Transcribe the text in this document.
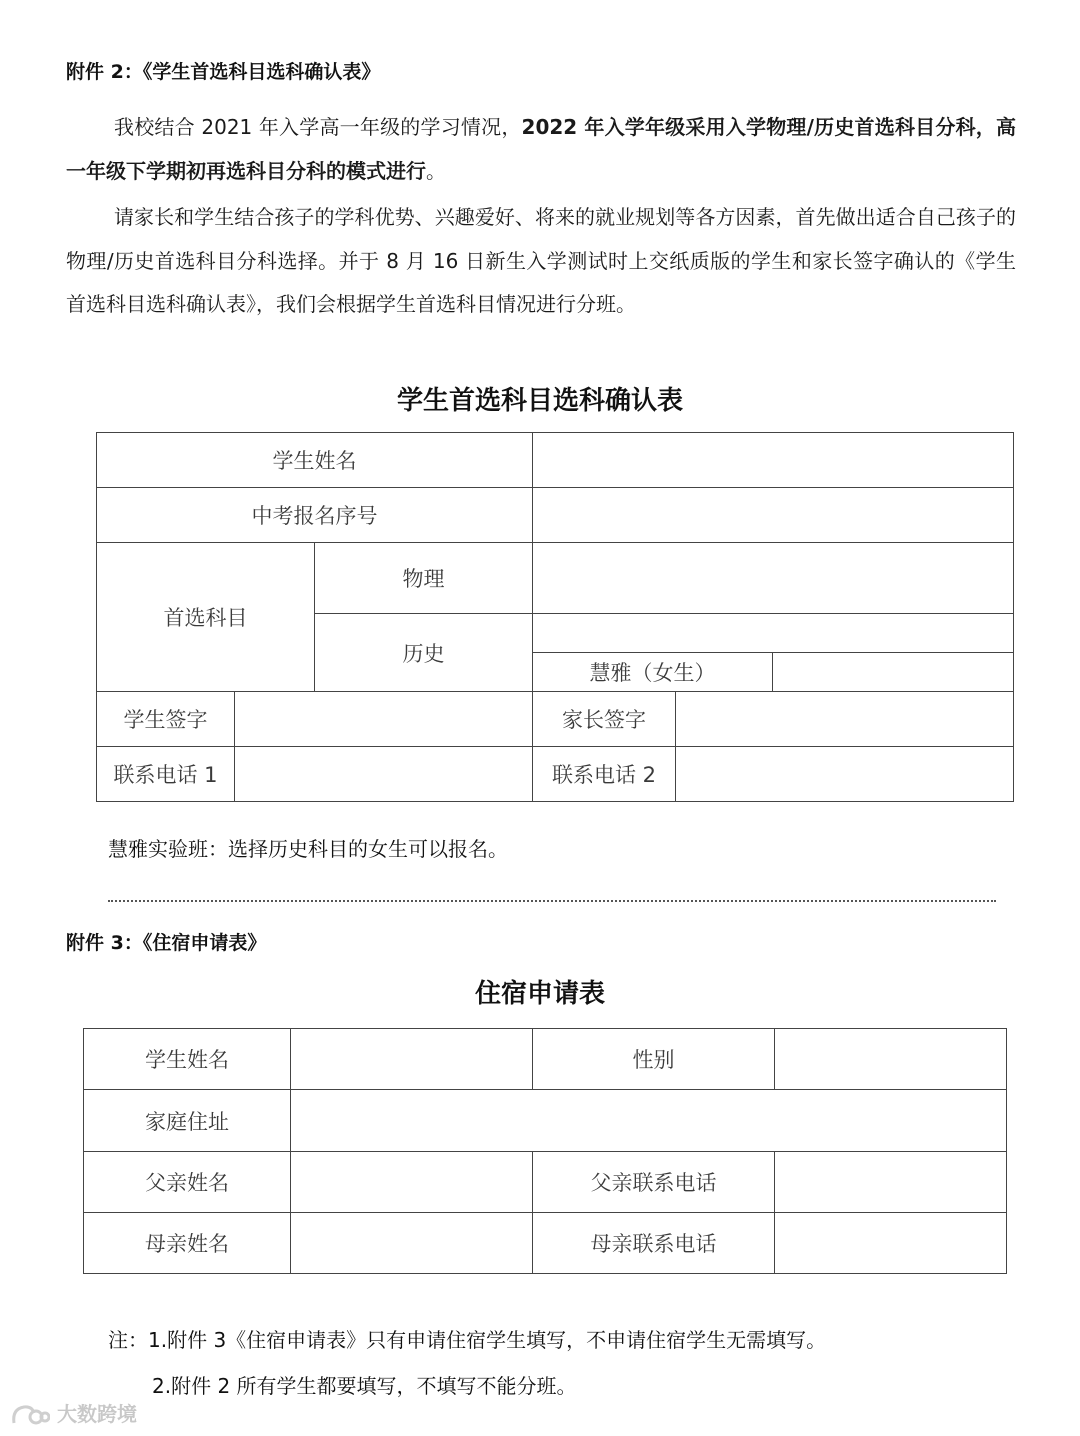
附件 2：《学生首选科目选科确认表》
我校结合 2021 年入学高一年级的学习情况，2022 年入学年级采用入学物理/历史首选科目分科，高一年级下学期初再选科目分科的模式进行。
请家长和学生结合孩子的学科优势、兴趣爱好、将来的就业规划等各方因素，首先做出适合自己孩子的物理/历史首选科目分科选择。并于 8 月 16 日新生入学测试时上交纸质版的学生和家长签字确认的《学生首选科目选科确认表》，我们会根据学生首选科目情况进行分班。
学生首选科目选科确认表
学生姓名					
中考报名序号					
首选科目		物理			
		历史			
			慧雅（女生）		
学生签字			家长签字		
联系电话 1			联系电话 2		
慧雅实验班：选择历史科目的女生可以报名。
附件 3：《住宿申请表》
住宿申请表
学生姓名		性别	
家庭住址			
父亲姓名		父亲联系电话	
母亲姓名		母亲联系电话	
注：1.附件 3《住宿申请表》只有申请住宿学生填写，不申请住宿学生无需填写。
2.附件 2 所有学生都要填写，不填写不能分班。
大数跨境
